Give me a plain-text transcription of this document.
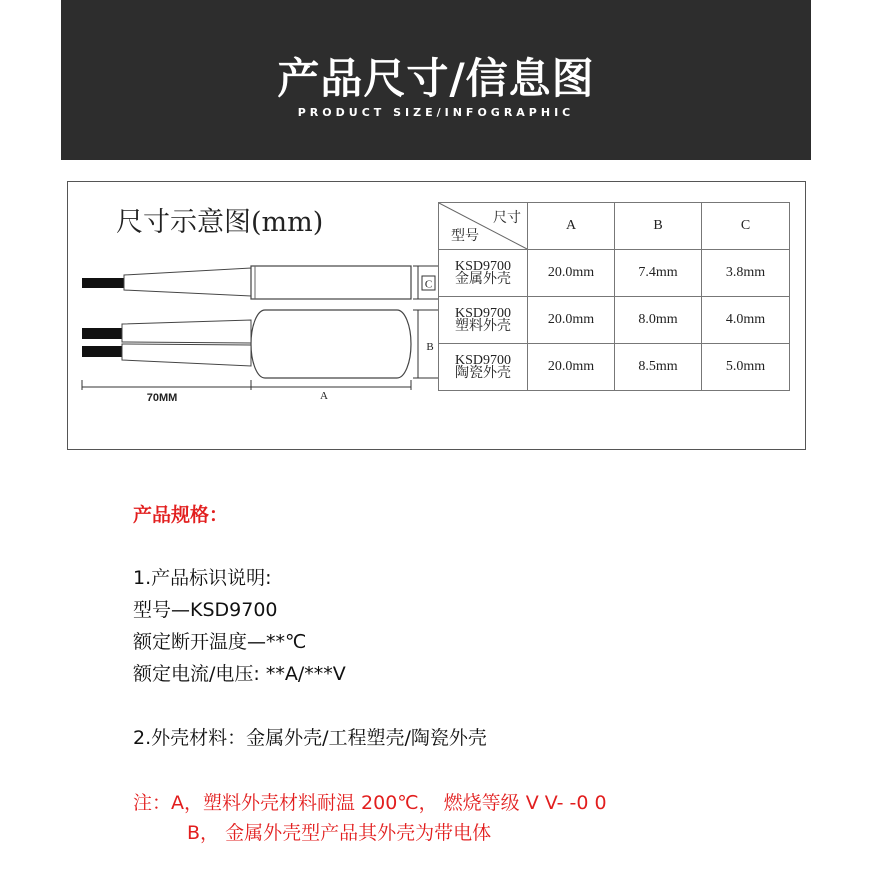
产品尺寸/信息图
PRODUCT SIZE/INFOGRAPHIC
尺寸示意图(mm)
C
B
70MM	A
尺寸
型号	A	B	C

KSD9700
金属外壳	20.0mm	7.4mm	3.8mm

KSD9700
塑料外壳	20.0mm	8.0mm	4.0mm

KSD9700
陶瓷外壳	20.0mm	8.5mm	5.0mm
产品规格：
1.产品标识说明:
型号—KSD9700
额定断开温度—**℃
额定电流/电压: **A/***V
2.外壳材料：金属外壳/工程塑壳/陶瓷外壳
注：A，塑料外壳材料耐温 200℃， 燃烧等级 V V- -0 0
B， 金属外壳型产品其外壳为带电体
